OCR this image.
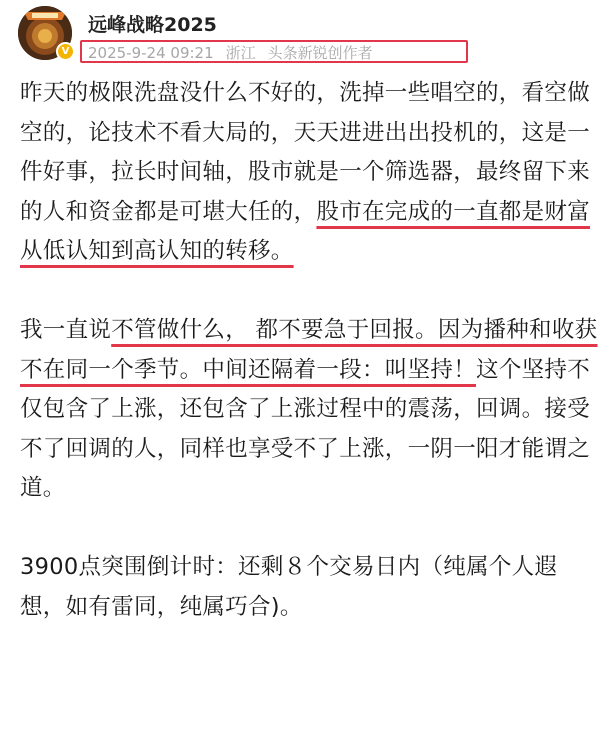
V
远峰战略2025
2025-9-24 09:21 浙江 头条新锐创作者

昨天的极限洗盘没什么不好的，洗掉一些唱空的，看空做空的，论技术不看大局的，天天进进出出投机的，这是一件好事，拉长时间轴，股市就是一个筛选器，最终留下来的人和资金都是可堪大任的，股市在完成的一直都是财富从低认知到高认知的转移。

我一直说不管做什么， 都不要急于回报。因为播种和收获不在同一个季节。中间还隔着一段：叫坚持！这个坚持不仅包含了上涨，还包含了上涨过程中的震荡，回调。接受不了回调的人，同样也享受不了上涨，一阴一阳才能谓之道。

3900点突围倒计时：还剩８个交易日内（纯属个人遐想，如有雷同，纯属巧合)。
